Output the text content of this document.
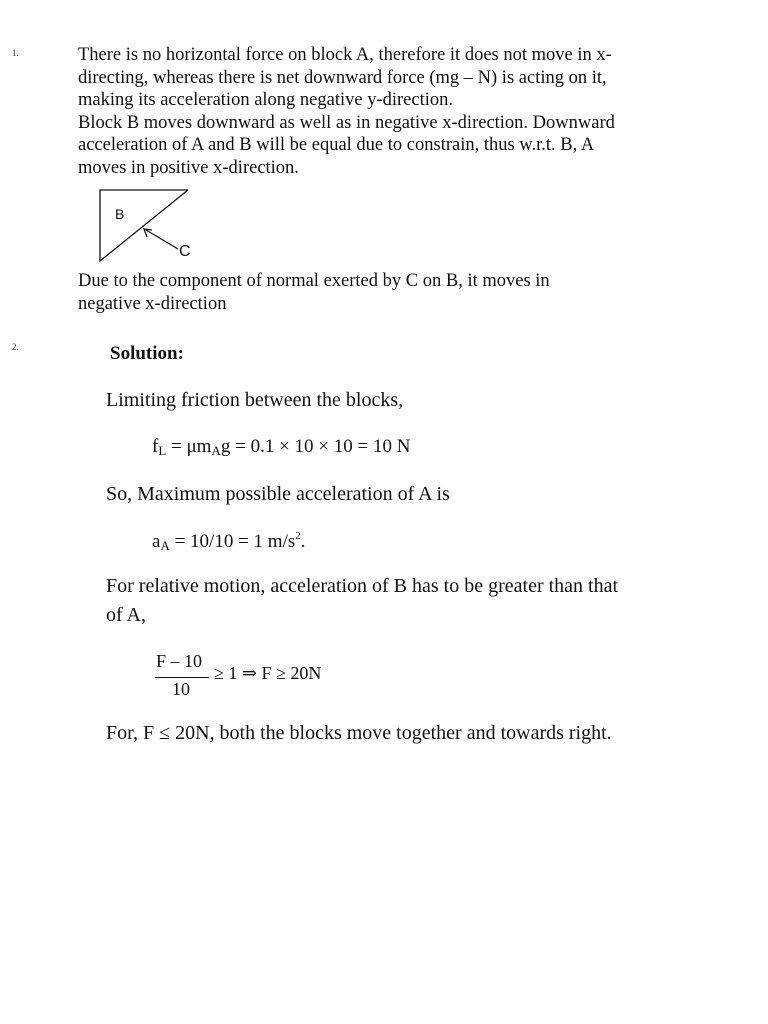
1.	There is no horizontal force on block A, therefore it does not move in x-
directing, whereas there is net downward force (mg – N) is acting on it,
making its acceleration along negative y-direction.
Block B moves downward as well as in negative x-direction. Downward
acceleration of A and B will be equal due to constrain, thus w.r.t. B, A
moves in positive x-direction.
B
C
Due to the component of normal exerted by C on B, it moves in
negative x-direction
2.	Solution:
Limiting friction between the blocks,
$f_L = \mu m_Ag = 0.1 \times 10 \times 10 = 10$ N
So, Maximum possible acceleration of A is
$a_A = 10/10 = 1$ $m/s^2$.
For relative motion, acceleration of B has to be greater than that
of A,
F – 10
10
≥ 1 ⇒ F ≥ 20N
For, F ≤ 20N, both the blocks move together and towards right.
